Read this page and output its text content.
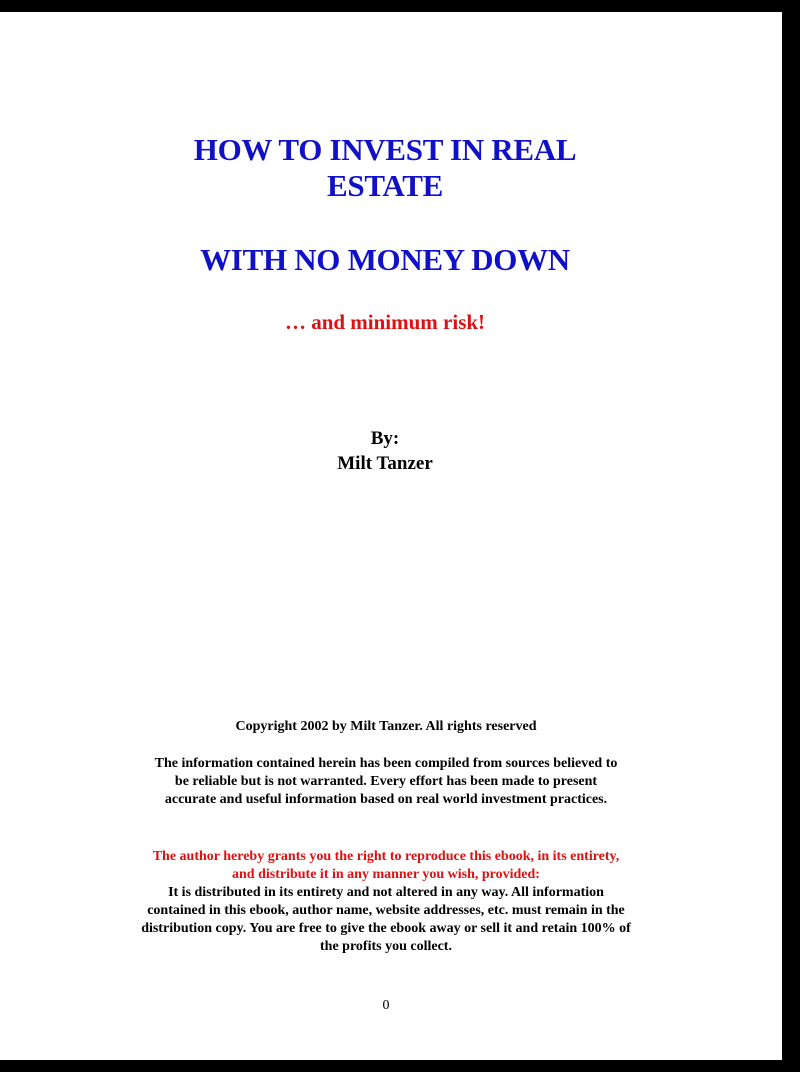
HOW TO INVEST IN REAL
ESTATE
WITH NO MONEY DOWN
… and minimum risk!
By:
Milt Tanzer
Copyright 2002 by Milt Tanzer. All rights reserved
The information contained herein has been compiled from sources believed to be reliable but is not warranted. Every effort has been made to present accurate and useful information based on real world investment practices.
The author hereby grants you the right to reproduce this ebook, in its entirety, and distribute it in any manner you wish, provided:
It is distributed in its entirety and not altered in any way. All information contained in this ebook, author name, website addresses, etc. must remain in the distribution copy. You are free to give the ebook away or sell it and retain 100% of the profits you collect.
0
